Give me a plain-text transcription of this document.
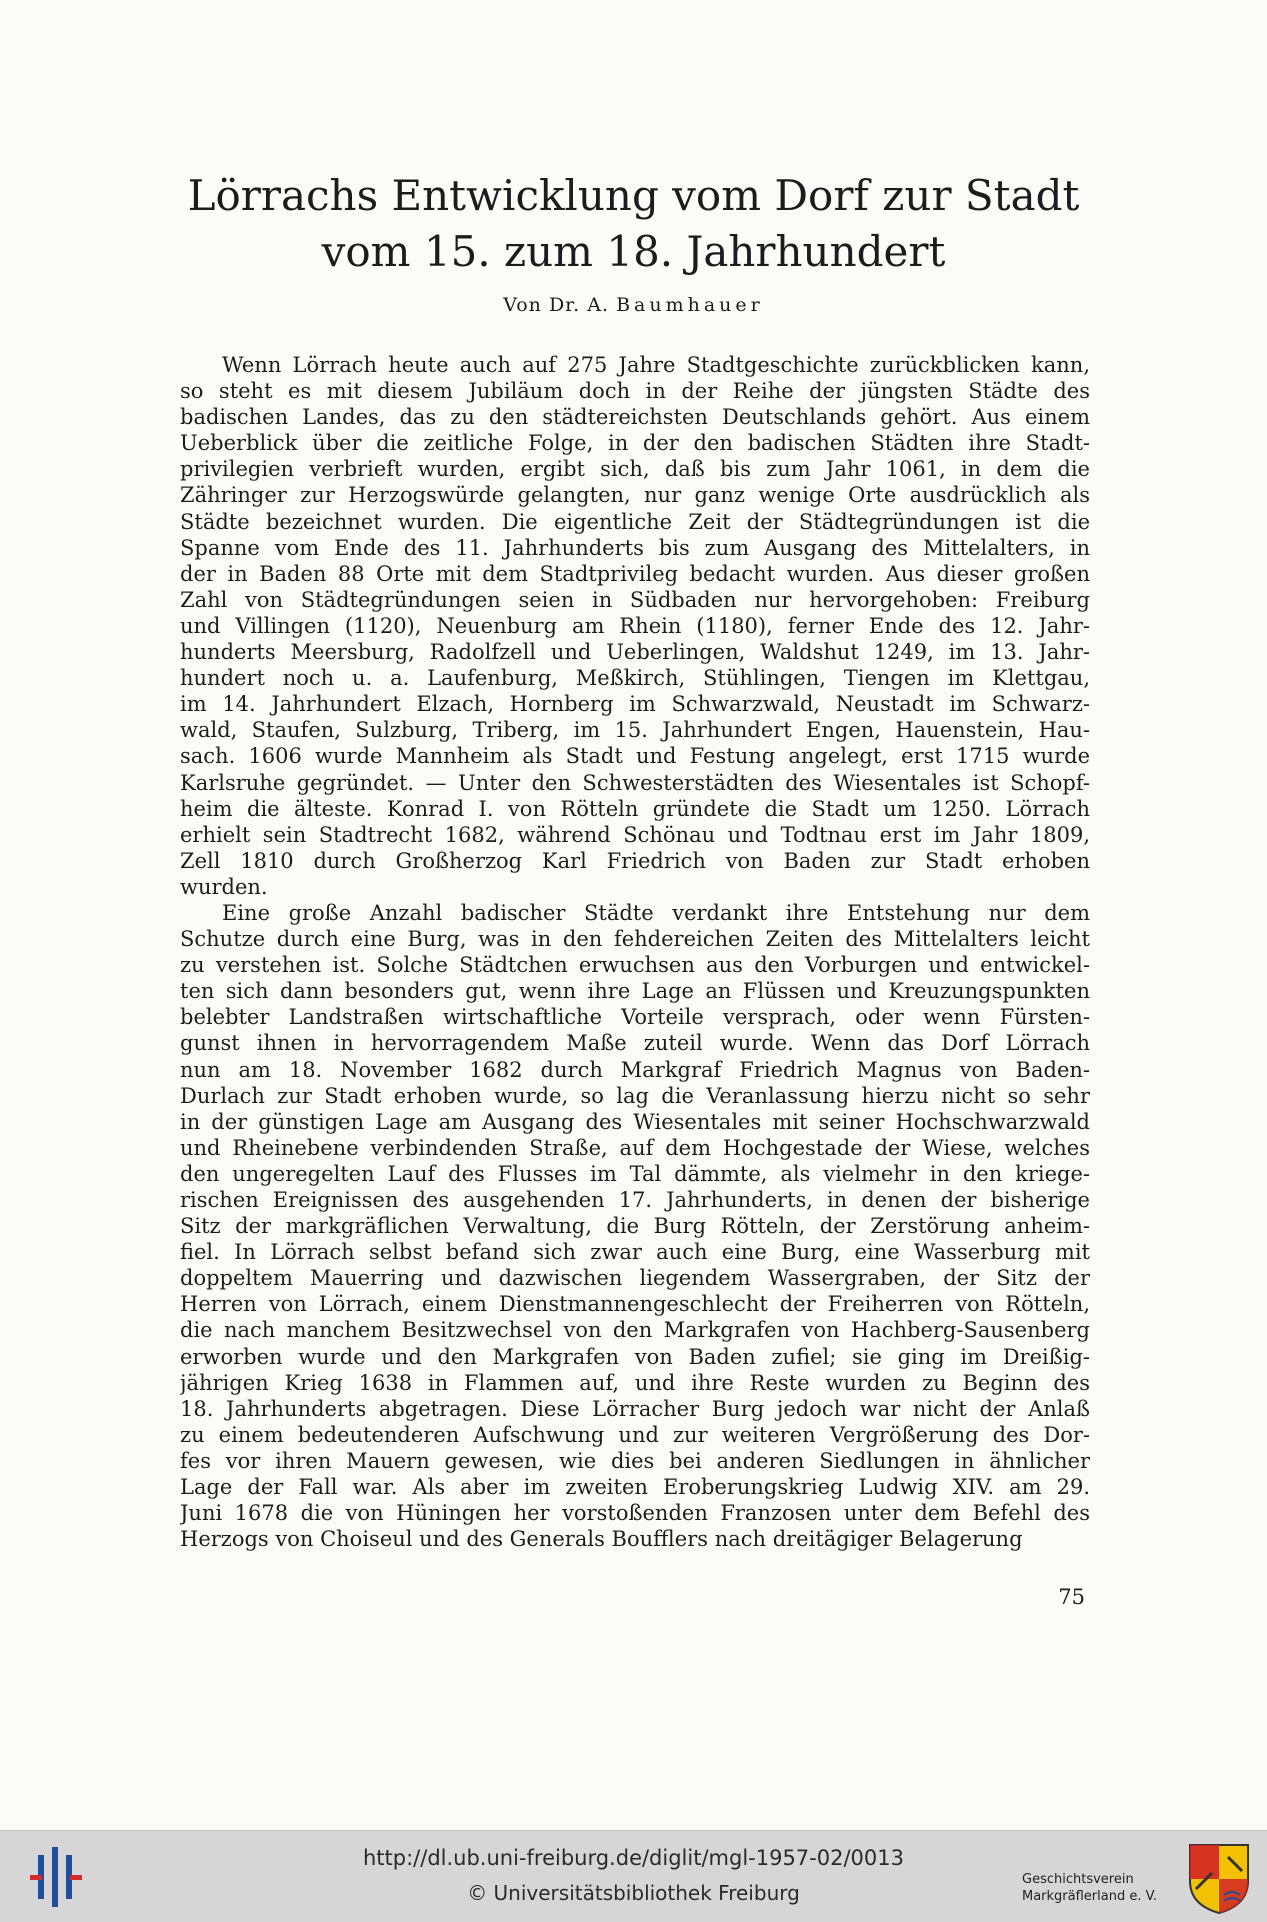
Lörrachs Entwicklung vom Dorf zur Stadt
vom 15. zum 18. Jahrhundert
Von Dr. A. Baumhauer
Wenn Lörrach heute auch auf 275 Jahre Stadtgeschichte zurückblicken kann,
so steht es mit diesem Jubiläum doch in der Reihe der jüngsten Städte des
badischen Landes, das zu den städtereichsten Deutschlands gehört. Aus einem
Ueberblick über die zeitliche Folge, in der den badischen Städten ihre Stadt-
privilegien verbrieft wurden, ergibt sich, daß bis zum Jahr 1061, in dem die
Zähringer zur Herzogswürde gelangten, nur ganz wenige Orte ausdrücklich als
Städte bezeichnet wurden. Die eigentliche Zeit der Städtegründungen ist die
Spanne vom Ende des 11. Jahrhunderts bis zum Ausgang des Mittelalters, in
der in Baden 88 Orte mit dem Stadtprivileg bedacht wurden. Aus dieser großen
Zahl von Städtegründungen seien in Südbaden nur hervorgehoben: Freiburg
und Villingen (1120), Neuenburg am Rhein (1180), ferner Ende des 12. Jahr-
hunderts Meersburg, Radolfzell und Ueberlingen, Waldshut 1249, im 13. Jahr-
hundert noch u. a. Laufenburg, Meßkirch, Stühlingen, Tiengen im Klettgau,
im 14. Jahrhundert Elzach, Hornberg im Schwarzwald, Neustadt im Schwarz-
wald, Staufen, Sulzburg, Triberg, im 15. Jahrhundert Engen, Hauenstein, Hau-
sach. 1606 wurde Mannheim als Stadt und Festung angelegt, erst 1715 wurde
Karlsruhe gegründet. — Unter den Schwesterstädten des Wiesentales ist Schopf-
heim die älteste. Konrad I. von Rötteln gründete die Stadt um 1250. Lörrach
erhielt sein Stadtrecht 1682, während Schönau und Todtnau erst im Jahr 1809,
Zell 1810 durch Großherzog Karl Friedrich von Baden zur Stadt erhoben
wurden.
Eine große Anzahl badischer Städte verdankt ihre Entstehung nur dem
Schutze durch eine Burg, was in den fehdereichen Zeiten des Mittelalters leicht
zu verstehen ist. Solche Städtchen erwuchsen aus den Vorburgen und entwickel-
ten sich dann besonders gut, wenn ihre Lage an Flüssen und Kreuzungspunkten
belebter Landstraßen wirtschaftliche Vorteile versprach, oder wenn Fürsten-
gunst ihnen in hervorragendem Maße zuteil wurde. Wenn das Dorf Lörrach
nun am 18. November 1682 durch Markgraf Friedrich Magnus von Baden-
Durlach zur Stadt erhoben wurde, so lag die Veranlassung hierzu nicht so sehr
in der günstigen Lage am Ausgang des Wiesentales mit seiner Hochschwarzwald
und Rheinebene verbindenden Straße, auf dem Hochgestade der Wiese, welches
den ungeregelten Lauf des Flusses im Tal dämmte, als vielmehr in den kriege-
rischen Ereignissen des ausgehenden 17. Jahrhunderts, in denen der bisherige
Sitz der markgräflichen Verwaltung, die Burg Rötteln, der Zerstörung anheim-
fiel. In Lörrach selbst befand sich zwar auch eine Burg, eine Wasserburg mit
doppeltem Mauerring und dazwischen liegendem Wassergraben, der Sitz der
Herren von Lörrach, einem Dienstmannengeschlecht der Freiherren von Rötteln,
die nach manchem Besitzwechsel von den Markgrafen von Hachberg-Sausenberg
erworben wurde und den Markgrafen von Baden zufiel; sie ging im Dreißig-
jährigen Krieg 1638 in Flammen auf, und ihre Reste wurden zu Beginn des
18. Jahrhunderts abgetragen. Diese Lörracher Burg jedoch war nicht der Anlaß
zu einem bedeutenderen Aufschwung und zur weiteren Vergrößerung des Dor-
fes vor ihren Mauern gewesen, wie dies bei anderen Siedlungen in ähnlicher
Lage der Fall war. Als aber im zweiten Eroberungskrieg Ludwig XIV. am 29.
Juni 1678 die von Hüningen her vorstoßenden Franzosen unter dem Befehl des
Herzogs von Choiseul und des Generals Boufflers nach dreitägiger Belagerung
75
http://dl.ub.uni-freiburg.de/diglit/mgl-1957-02/0013
© Universitätsbibliothek Freiburg
Geschichtsverein
Markgräflerland e. V.
